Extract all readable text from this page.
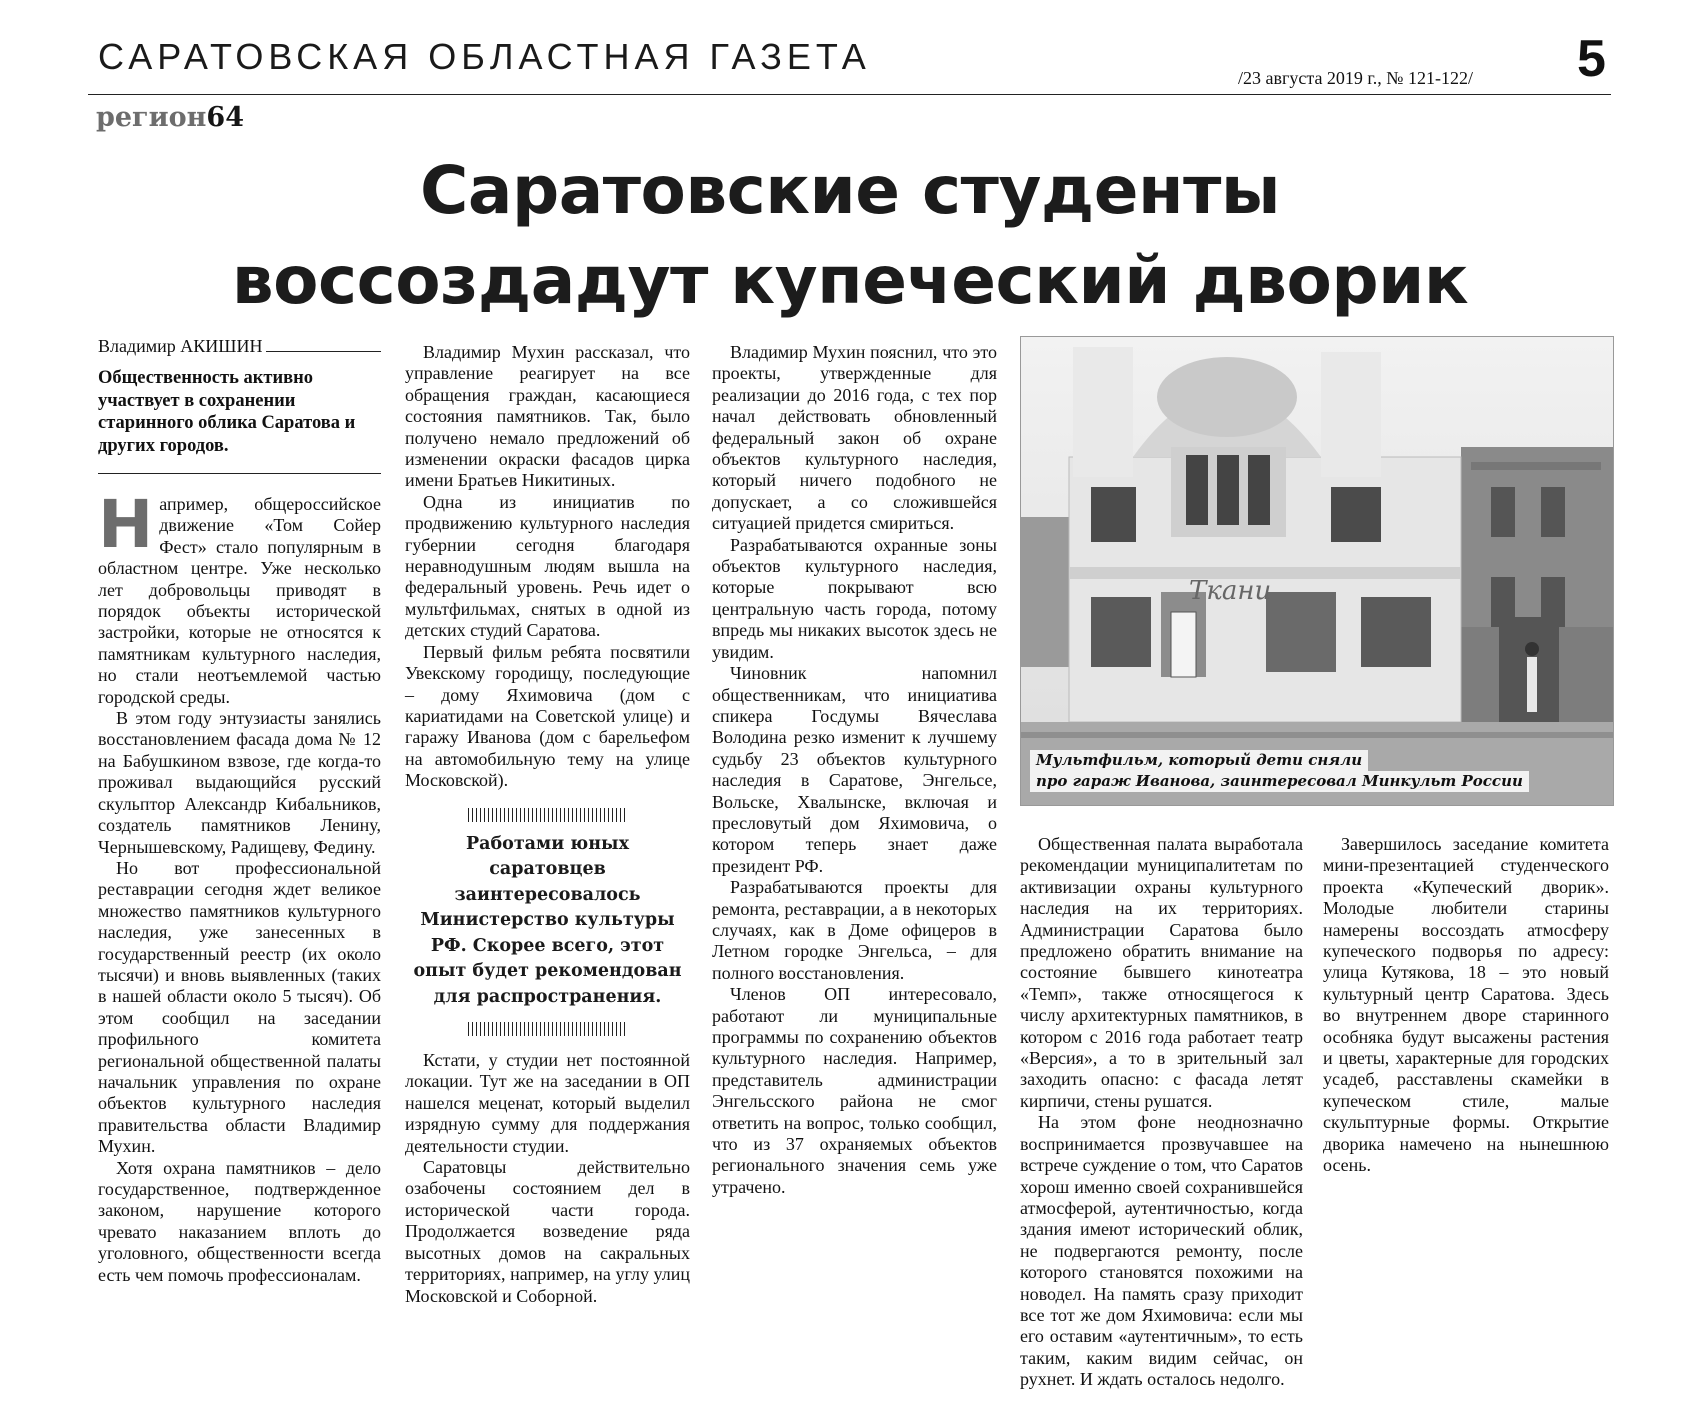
САРАТОВСКАЯ ОБЛАСТНАЯ ГАЗЕТА
/23 августа 2019 г., № 121-122/ 5
регион64
Саратовские студенты
воссоздадут купеческий дворик
Владимир АКИШИН

Общественность активно участвует в сохранении старинного облика Саратова и других городов.

Например, общероссийское движение «Том Сойер Фест» стало популярным в областном центре. Уже несколько лет добровольцы приводят в порядок объекты исторической застройки, которые не относятся к памятникам культурного наследия, но стали неотъемлемой частью городской среды.

В этом году энтузиасты занялись восстановлением фасада дома № 12 на Бабушкином взвозе, где когда-то проживал выдающийся русский скульптор Александр Кибальников, создатель памятников Ленину, Чернышевскому, Радищеву, Федину.

Но вот профессиональной реставрации сегодня ждет великое множество памятников культурного наследия, уже занесенных в государственный реестр (их около тысячи) и вновь выявленных (таких в нашей области около 5 тысяч). Об этом сообщил на заседании профильного комитета региональной общественной палаты начальник управления по охране объектов культурного наследия правительства области Владимир Мухин.

Хотя охрана памятников – дело государственное, подтвержденное законом, нарушение которого чревато наказанием вплоть до уголовного, общественности всегда есть чем помочь профессионалам.

Владимир Мухин рассказал, что управление реагирует на все обращения граждан, касающиеся состояния памятников. Так, было получено немало предложений об изменении окраски фасадов цирка имени Братьев Никитиных.

Одна из инициатив по продвижению культурного наследия губернии сегодня благодаря неравнодушным людям вышла на федеральный уровень. Речь идет о мультфильмах, снятых в одной из детских студий Саратова.

Первый фильм ребята посвятили Увекскому городищу, последующие – дому Яхимовича (дом с кариатидами на Советской улице) и гаражу Иванова (дом с барельефом на автомобильную тему на улице Московской).

Работами юных саратовцев заинтересовалось Министерство культуры РФ. Скорее всего, этот опыт будет рекомендован для распространения.

Кстати, у студии нет постоянной локации. Тут же на заседании в ОП нашелся меценат, который выделил изрядную сумму для поддержания деятельности студии.

Саратовцы действительно озабочены состоянием дел в исторической части города. Продолжается возведение ряда высотных домов на сакральных территориях, например, на углу улиц Московской и Соборной.

Владимир Мухин пояснил, что это проекты, утвержденные для реализации до 2016 года, с тех пор начал действовать обновленный федеральный закон об охране объектов культурного наследия, который ничего подобного не допускает, а со сложившейся ситуацией придется смириться.

Разрабатываются охранные зоны объектов культурного наследия, которые покрывают всю центральную часть города, потому впредь мы никаких высоток здесь не увидим.

Чиновник напомнил общественникам, что инициатива спикера Госдумы Вячеслава Володина резко изменит к лучшему судьбу 23 объектов культурного наследия в Саратове, Энгельсе, Вольске, Хвалынске, включая и пресловутый дом Яхимовича, о котором теперь знает даже президент РФ.

Разрабатываются проекты для ремонта, реставрации, а в некоторых случаях, как в Доме офицеров в Летном городке Энгельса, – для полного восстановления.

Членов ОП интересовало, работают ли муниципальные программы по сохранению объектов культурного наследия. Например, представитель администрации Энгельсского района не смог ответить на вопрос, только сообщил, что из 37 охраняемых объектов регионального значения семь уже утрачено.

Ткани
Мультфильм, который дети сняли
про гараж Иванова, заинтересовал Минкульт России

Общественная палата выработала рекомендации муниципалитетам по активизации охраны культурного наследия на их территориях. Администрации Саратова было предложено обратить внимание на состояние бывшего кинотеатра «Темп», также относящегося к числу архитектурных памятников, в котором с 2016 года работает театр «Версия», а то в зрительный зал заходить опасно: с фасада летят кирпичи, стены рушатся.

На этом фоне неоднозначно воспринимается прозвучавшее на встрече суждение о том, что Саратов хорош именно своей сохранившейся атмосферой, аутентичностью, когда здания имеют исторический облик, не подвергаются ремонту, после которого становятся похожими на новодел. На память сразу приходит все тот же дом Яхимовича: если мы его оставим «аутентичным», то есть таким, каким видим сейчас, он рухнет. И ждать осталось недолго.

Завершилось заседание комитета мини-презентацией студенческого проекта «Купеческий дворик». Молодые любители старины намерены воссоздать атмосферу купеческого подворья по адресу: улица Кутякова, 18 – это новый культурный центр Саратова. Здесь во внутреннем дворе старинного особняка будут высажены растения и цветы, характерные для городских усадеб, расставлены скамейки в купеческом стиле, малые скульптурные формы. Открытие дворика намечено на нынешнюю осень.
